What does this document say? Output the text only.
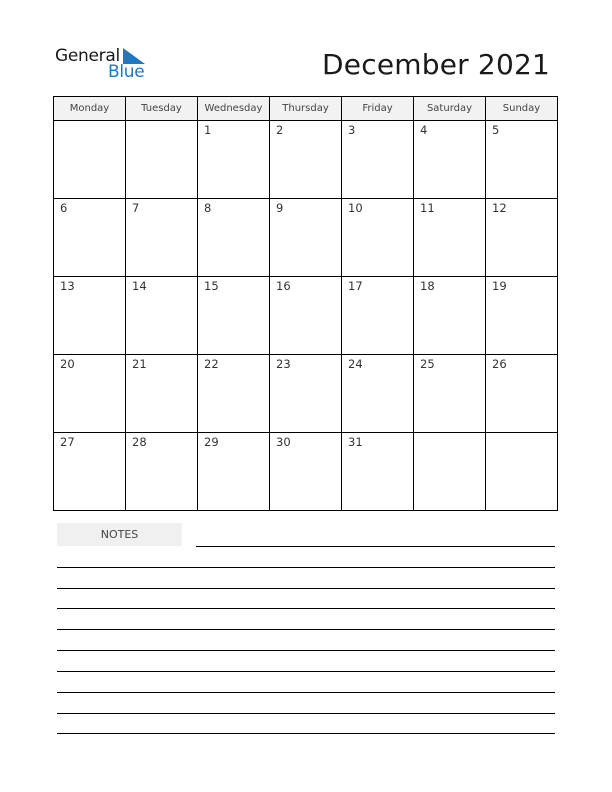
General
Blue	December 2021
Monday	Tuesday	Wednesday	Thursday	Friday	Saturday	Sunday
		1	2	3	4	5
6	7	8	9	10	11	12
13	14	15	16	17	18	19
20	21	22	23	24	25	26
27	28	29	30	31		
NOTES
